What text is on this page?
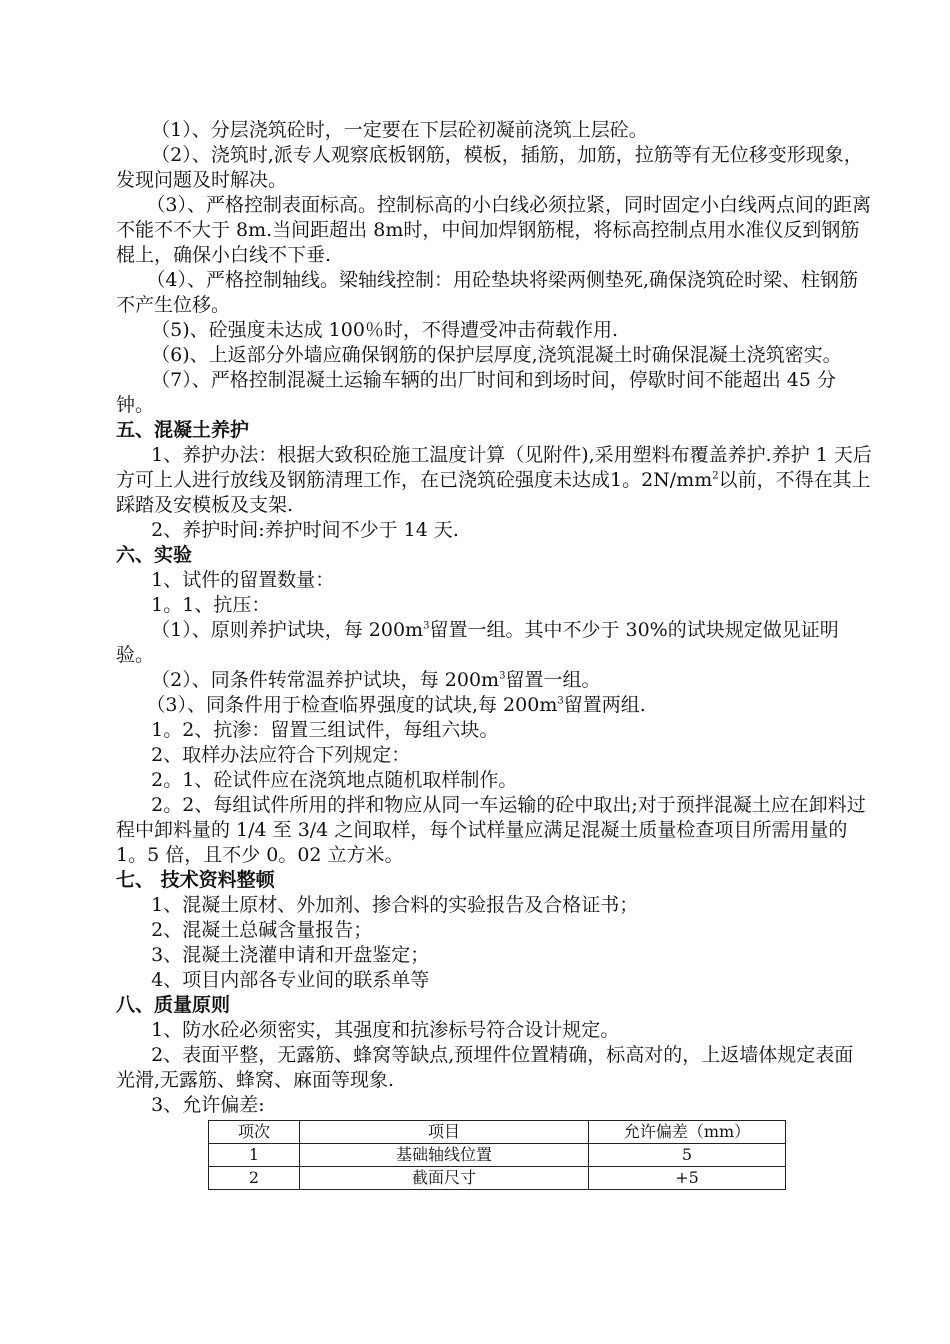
（1）、分层浇筑砼时，一定要在下层砼初凝前浇筑上层砼。

（2）、浇筑时,派专人观察底板钢筋，模板，插筋，加筋，拉筋等有无位移变形现象，发现问题及时解决。

（3）、严格控制表面标高。控制标高的小白线必须拉紧，同时固定小白线两点间的距离不能不不大于 8m.当间距超出 8m时，中间加焊钢筋棍，将标高控制点用水准仪反到钢筋棍上，确保小白线不下垂.

（4）、严格控制轴线。梁轴线控制：用砼垫块将梁两侧垫死,确保浇筑砼时梁、柱钢筋不产生位移。

（5)、砼强度未达成 100％时，不得遭受冲击荷载作用.

（6)、上返部分外墙应确保钢筋的保护层厚度,浇筑混凝土时确保混凝土浇筑密实。

（7）、严格控制混凝土运输车辆的出厂时间和到场时间，停歇时间不能超出 45 分钟。

五、混凝土养护

1、养护办法：根据大致积砼施工温度计算（见附件),采用塑料布覆盖养护.养护 1 天后方可上人进行放线及钢筋清理工作，在已浇筑砼强度未达成1。$2N/mm^2$以前，不得在其上踩踏及安模板及支架.

2、养护时间:养护时间不少于 14 天.

六、实验

1、试件的留置数量：

1。1、抗压：

（1）、原则养护试块，每 $200m^3$留置一组。其中不少于 30%的试块规定做见证明验。

（2）、同条件转常温养护试块，每 $200m^3$留置一组。

（3）、同条件用于检查临界强度的试块,每 $200m^3$留置两组.

1。2、抗渗：留置三组试件，每组六块。

2、取样办法应符合下列规定：

2。1、砼试件应在浇筑地点随机取样制作。

2。2、每组试件所用的拌和物应从同一车运输的砼中取出;对于预拌混凝土应在卸料过程中卸料量的 1/4 至 3/4 之间取样，每个试样量应满足混凝土质量检查项目所需用量的 1。5 倍，且不少 0。02 立方米。

七、 技术资料整顿

1、混凝土原材、外加剂、掺合料的实验报告及合格证书；

2、混凝土总碱含量报告；

3、混凝土浇灌申请和开盘鉴定；

4、项目内部各专业间的联系单等

八、质量原则

1、防水砼必须密实，其强度和抗渗标号符合设计规定。

2、表面平整，无露筋、蜂窝等缺点,预埋件位置精确，标高对的，上返墙体规定表面光滑,无露筋、蜂窝、麻面等现象.

3、允许偏差:

项次	项目	允许偏差（mm）
1	基础轴线位置	5
2	截面尺寸	+5
